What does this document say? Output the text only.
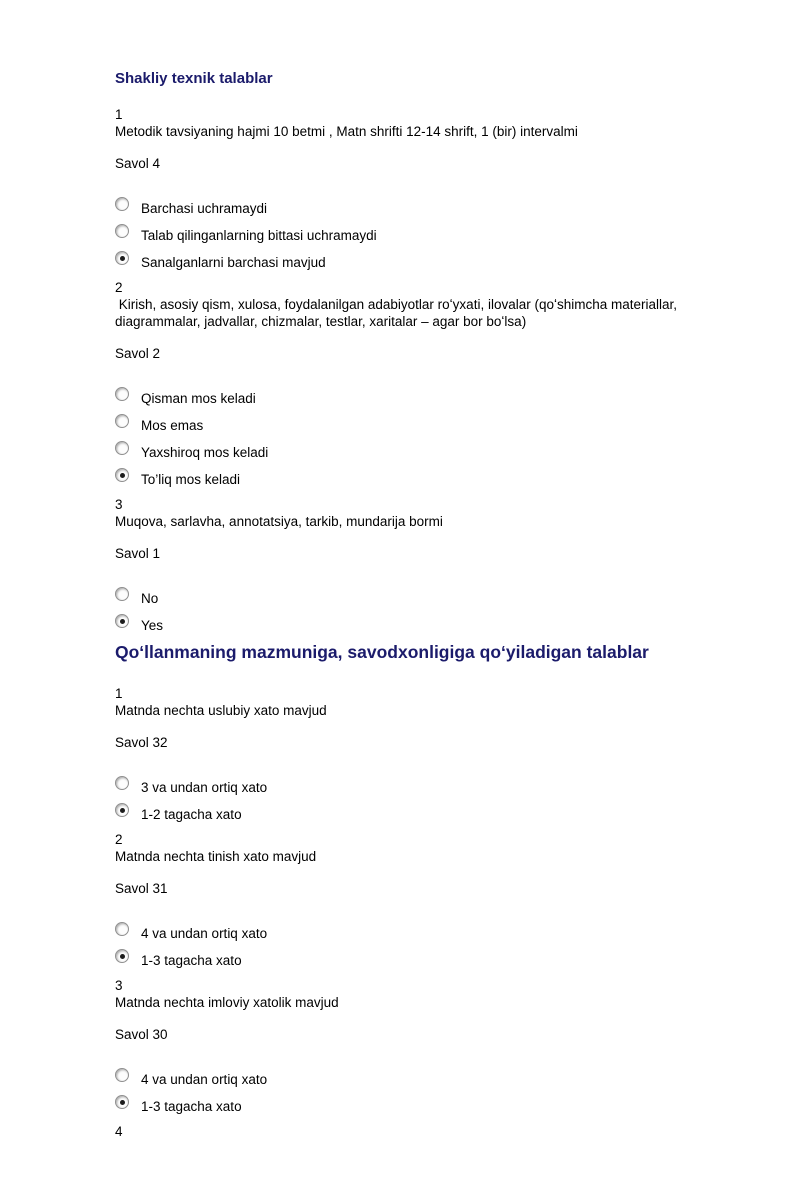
Shakliy texnik talablar
1
Metodik tavsiyaning hajmi 10 betmi , Matn shrifti 12-14 shrift, 1 (bir) intervalmi
Savol 4
Barchasi uchramaydi
Talab qilinganlarning bittasi uchramaydi
Sanalganlarni barchasi mavjud
2
Kirish, asosiy qism, xulosa, foydalanilgan adabiyotlar roʻyxati, ilovalar (qoʻshimcha materiallar, diagrammalar, jadvallar, chizmalar, testlar, xaritalar – agar bor boʻlsa)
Savol 2
Qisman mos keladi
Mos emas
Yaxshiroq mos keladi
To’liq mos keladi
3
Muqova, sarlavha, annotatsiya, tarkib, mundarija bormi
Savol 1
No
Yes
Qoʻllanmaning mazmuniga, savodxonligiga qoʻyiladigan talablar
1
Matnda nechta uslubiy xato mavjud
Savol 32
3 va undan ortiq xato
1-2 tagacha xato
2
Matnda nechta tinish xato mavjud
Savol 31
4 va undan ortiq xato
1-3 tagacha xato
3
Matnda nechta imloviy xatolik mavjud
Savol 30
4 va undan ortiq xato
1-3 tagacha xato
4
